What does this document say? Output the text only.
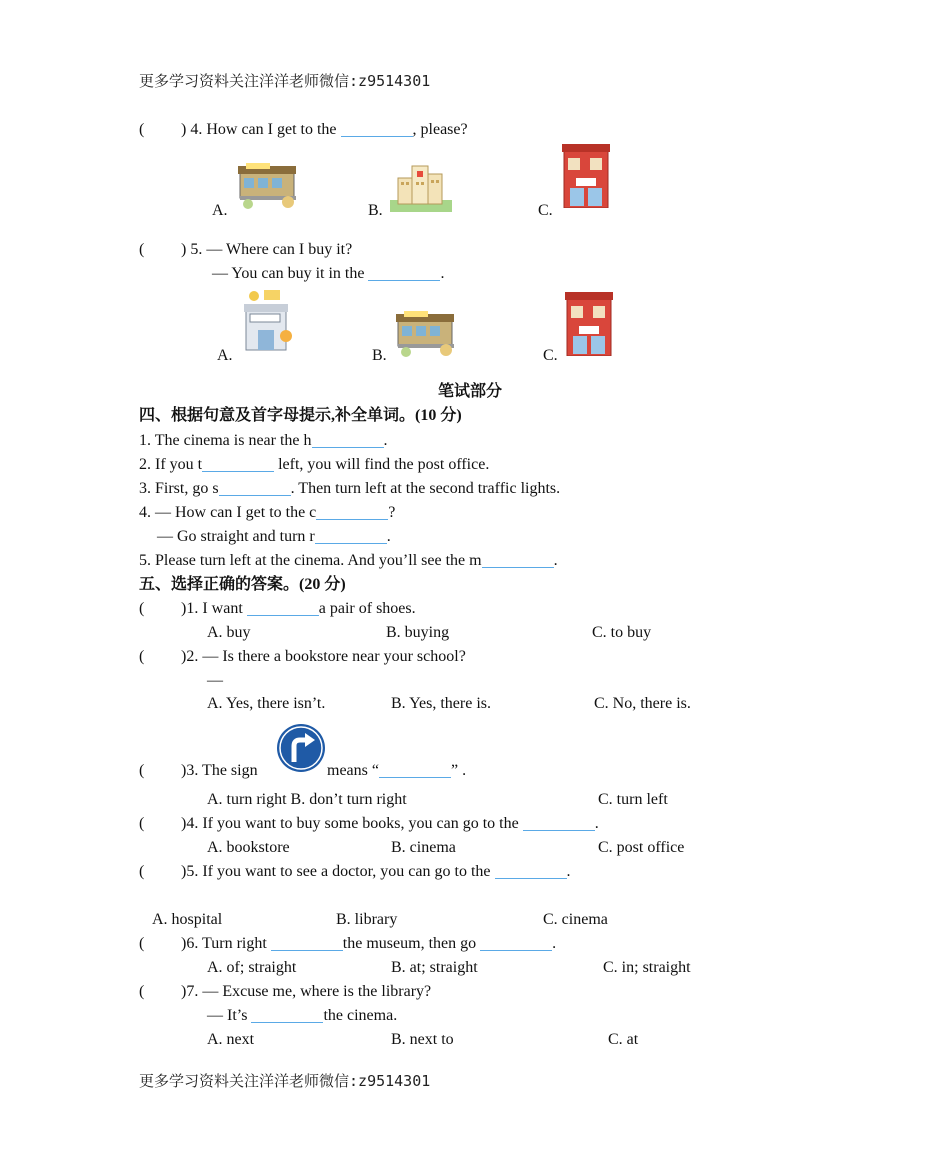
更多学习资料关注洋洋老师微信:z9514301
( ) 4. How can I get to the	, please?
A.	B.	C.
( ) 5. — Where can I buy it?
— You can buy it in the	.
A.	B.	C.
笔试部分
四、根据句意及首字母提示,补全单词。(10 分)
1. The cinema is near the h	.
2. If you t	left, you will find the post office.
3. First, go s	. Then turn left at the second traffic lights.
4. — How can I get to the c	?
— Go straight and turn r	.
5. Please turn left at the cinema. And you’ll see the m	.
五、选择正确的答案。(20 分)
( )1. I want	a pair of shoes.
A. buy	B. buying	C. to buy
( )2. — Is there a bookstore near your school?
—
A. Yes, there isn’t.	B. Yes, there is.	C. No, there is.
( )3. The sign	means “	” .
A. turn right B. don’t turn right	C. turn left
( )4. If you want to buy some books, you can go to the	.
A. bookstore	B. cinema	C. post office
( )5. If you want to see a doctor, you can go to the	.
A. hospital	B. library	C. cinema
( )6. Turn right	the museum, then go	.
A. of; straight	B. at; straight	C. in; straight
( )7. — Excuse me, where is the library?
— It’s	the cinema.
A. next	B. next to	C. at
更多学习资料关注洋洋老师微信:z9514301
